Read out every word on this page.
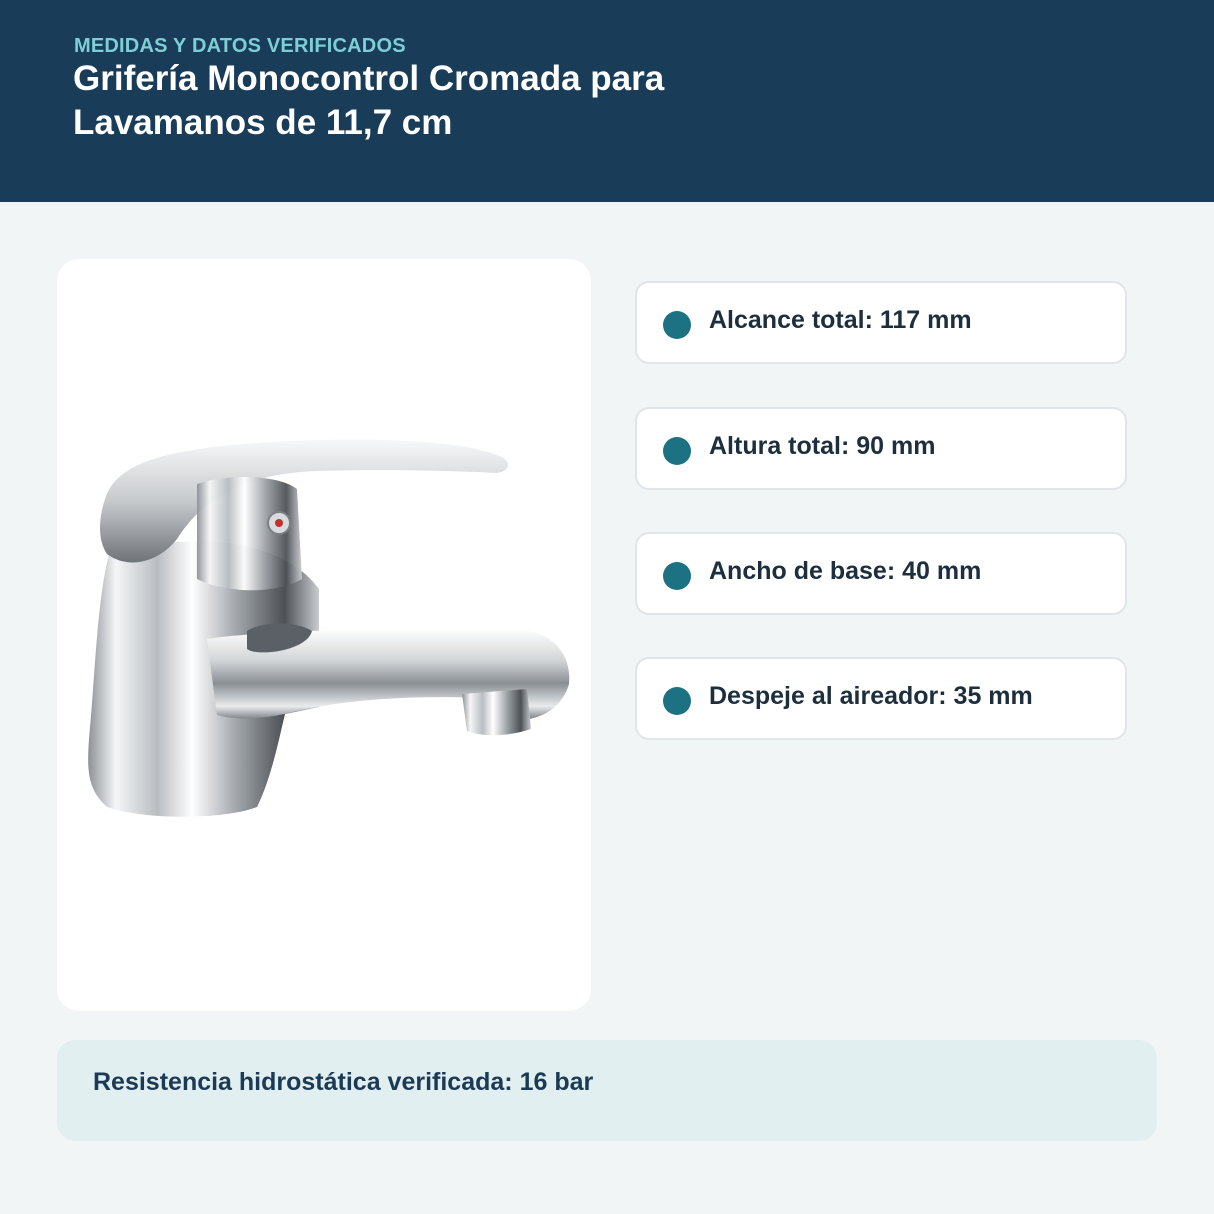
MEDIDAS Y DATOS VERIFICADOS
Grifería Monocontrol Cromada para Lavamanos de 11,7 cm
Alcance total: 117 mm
Altura total: 90 mm
Ancho de base: 40 mm
Despeje al aireador: 35 mm
Resistencia hidrostática verificada: 16 bar
